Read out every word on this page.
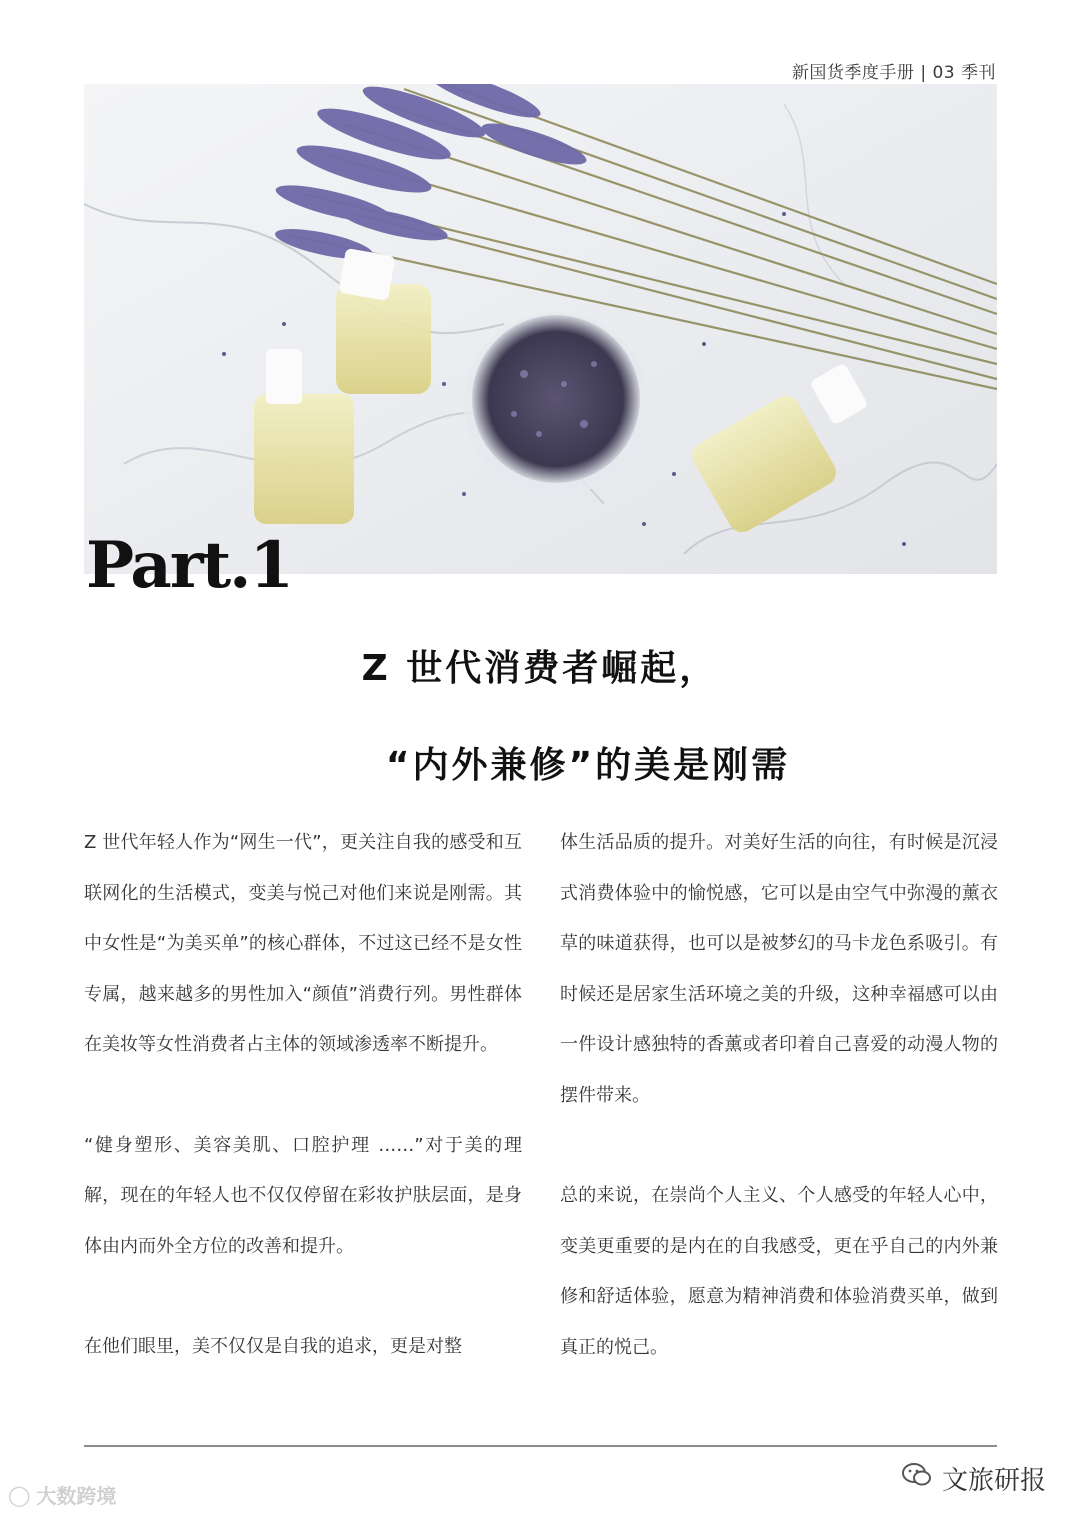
新国货季度手册 | 03 季刊
Part.1
Z 世代消费者崛起，
“内外兼修”的美是刚需

Z 世代年轻人作为“网生一代”，更关注自我的感受和互联网化的生活模式，变美与悦己对他们来说是刚需。其中女性是“为美买单”的核心群体，不过这已经不是女性专属，越来越多的男性加入“颜值”消费行列。男性群体在美妆等女性消费者占主体的领域渗透率不断提升。

“健身塑形、美容美肌、口腔护理 ……”对于美的理解，现在的年轻人也不仅仅停留在彩妆护肤层面，是身体由内而外全方位的改善和提升。

在他们眼里，美不仅仅是自我的追求，更是对整

体生活品质的提升。对美好生活的向往，有时候是沉浸式消费体验中的愉悦感，它可以是由空气中弥漫的薰衣草的味道获得，也可以是被梦幻的马卡龙色系吸引。有时候还是居家生活环境之美的升级，这种幸福感可以由一件设计感独特的香薰或者印着自己喜爱的动漫人物的摆件带来。

总的来说，在崇尚个人主义、个人感受的年轻人心中，变美更重要的是内在的自我感受，更在乎自己的内外兼修和舒适体验，愿意为精神消费和体验消费买单，做到真正的悦己。

◯ 大数跨境	文旅研报
